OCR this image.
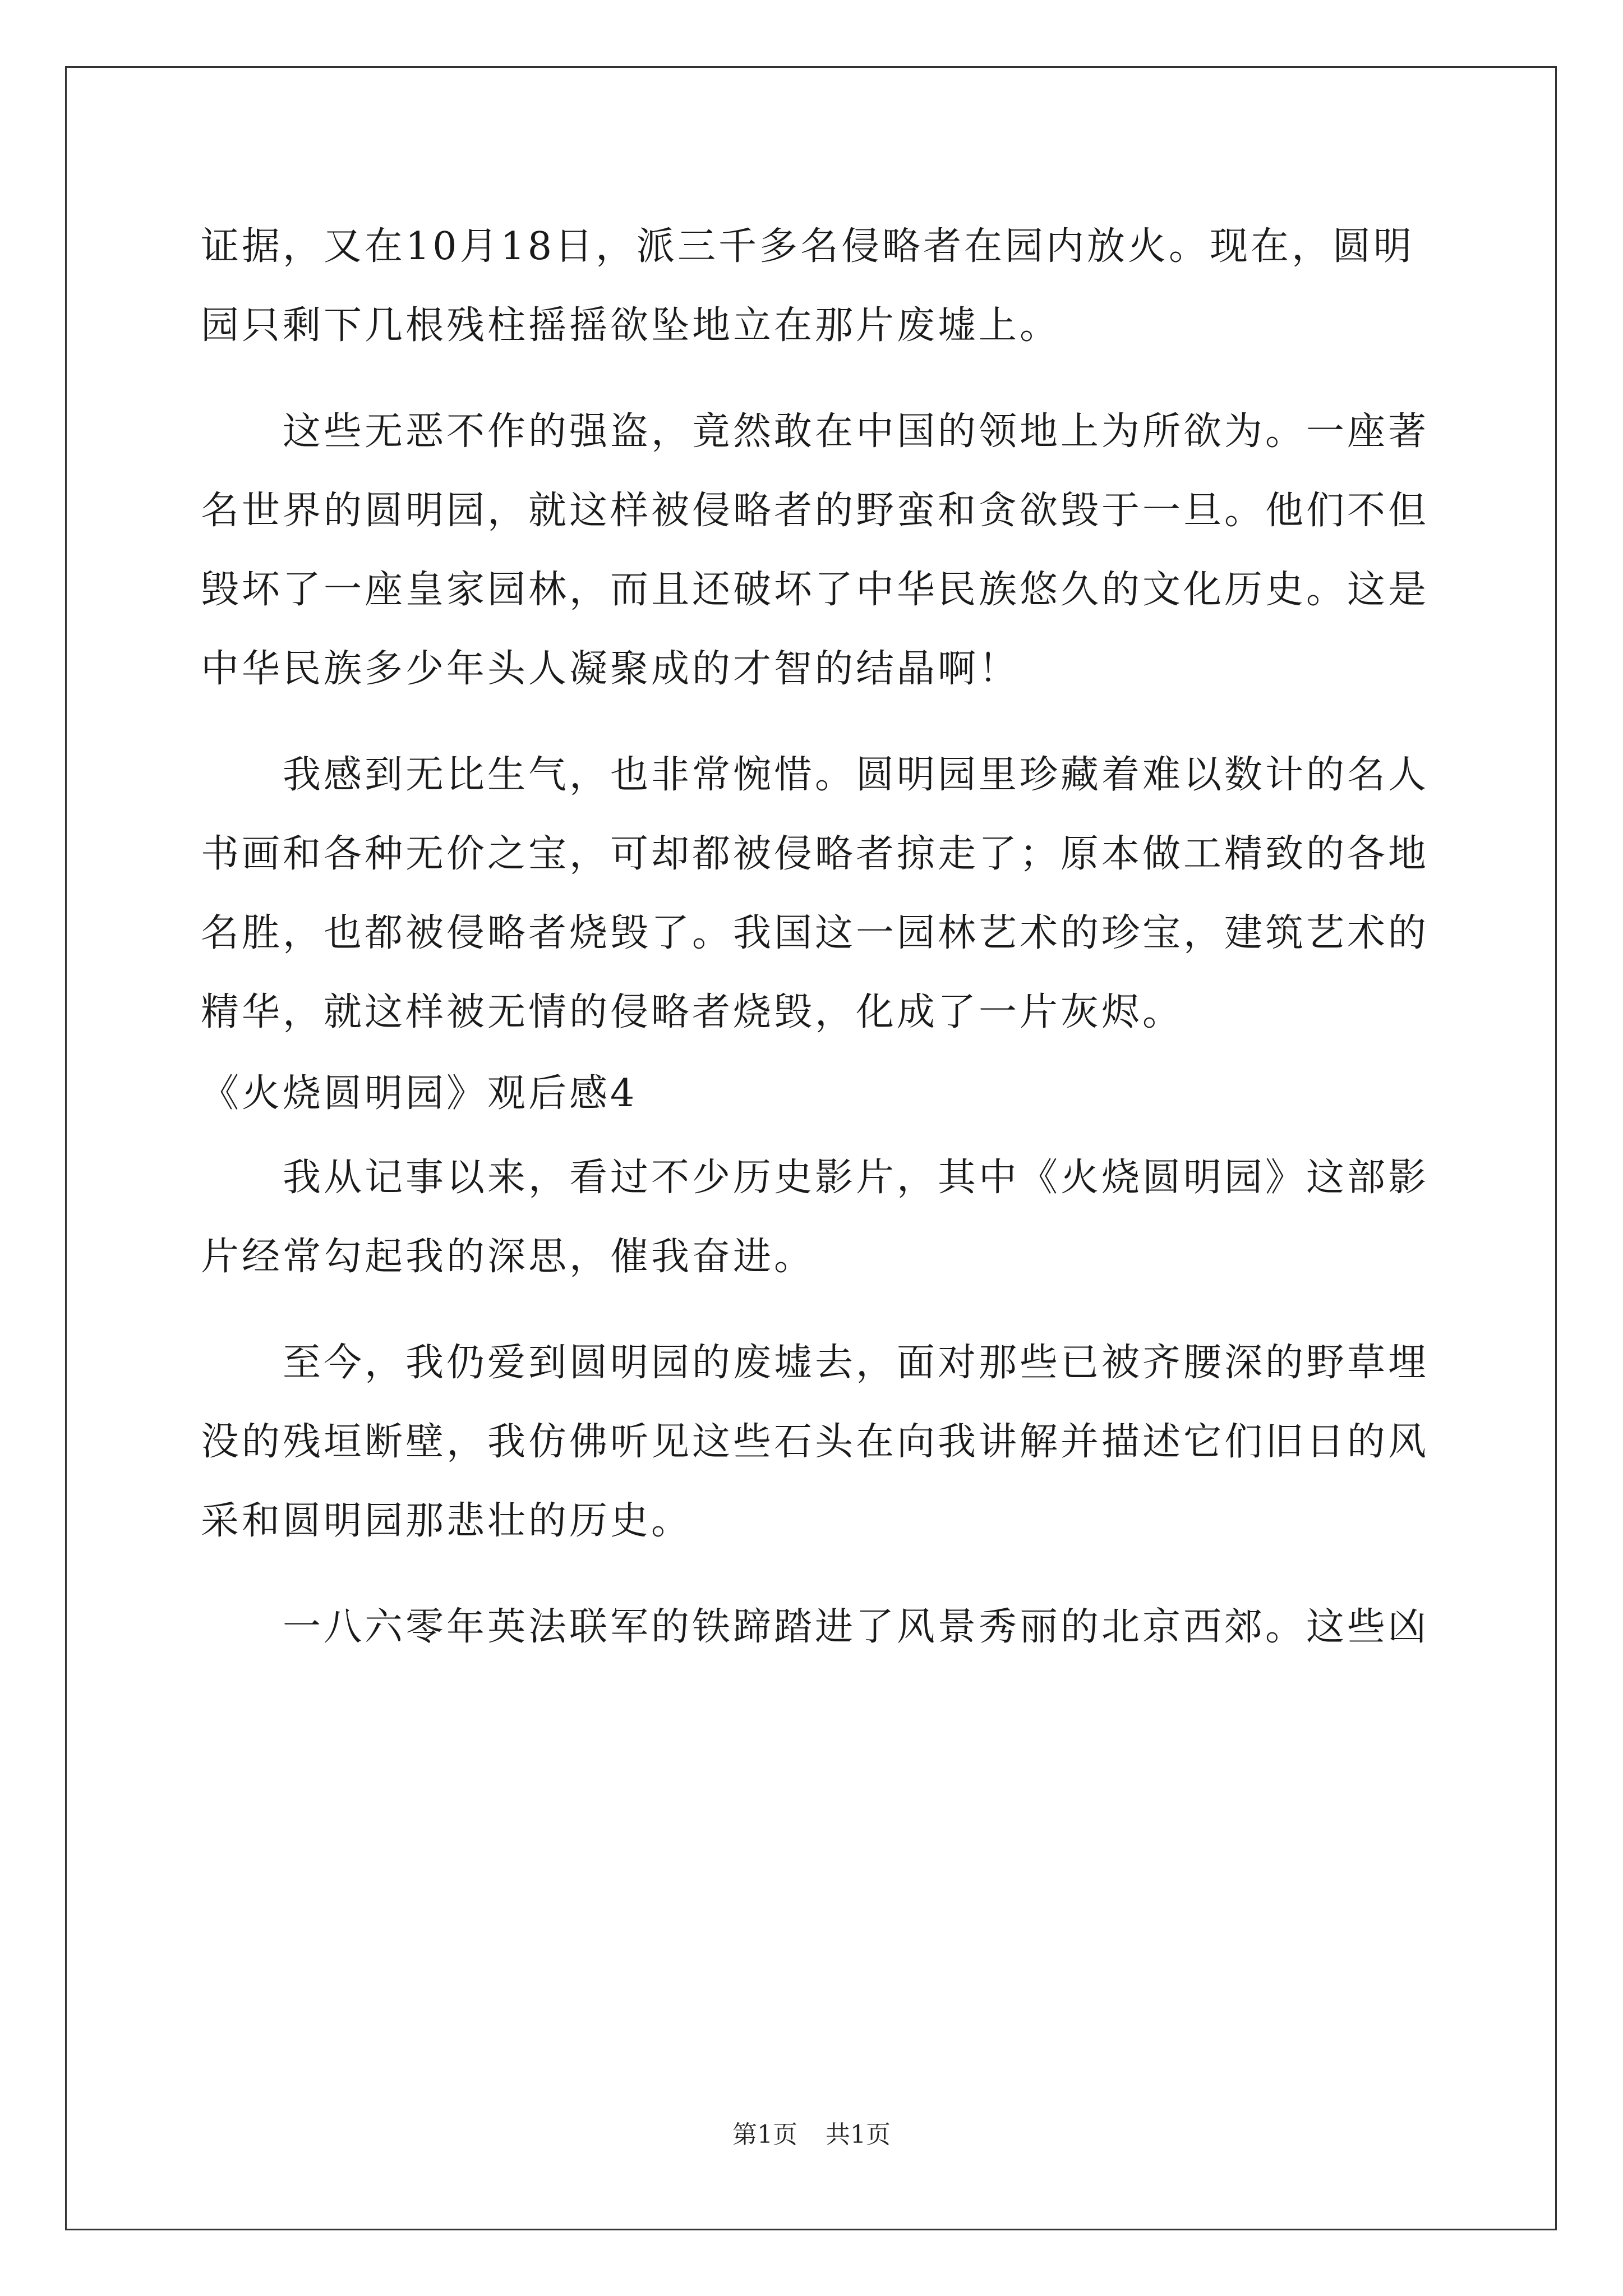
证据，又在10月18日，派三千多名侵略者在园内放火。现在，圆明
园只剩下几根残柱摇摇欲坠地立在那片废墟上。
这些无恶不作的强盗，竟然敢在中国的领地上为所欲为。一座著
名世界的圆明园，就这样被侵略者的野蛮和贪欲毁于一旦。他们不但
毁坏了一座皇家园林，而且还破坏了中华民族悠久的文化历史。这是
中华民族多少年头人凝聚成的才智的结晶啊！
我感到无比生气，也非常惋惜。圆明园里珍藏着难以数计的名人
书画和各种无价之宝，可却都被侵略者掠走了；原本做工精致的各地
名胜，也都被侵略者烧毁了。我国这一园林艺术的珍宝，建筑艺术的
精华，就这样被无情的侵略者烧毁，化成了一片灰烬。
《火烧圆明园》观后感4
我从记事以来，看过不少历史影片，其中《火烧圆明园》这部影
片经常勾起我的深思，催我奋进。
至今，我仍爱到圆明园的废墟去，面对那些已被齐腰深的野草埋
没的残垣断壁，我仿佛听见这些石头在向我讲解并描述它们旧日的风
采和圆明园那悲壮的历史。
一八六零年英法联军的铁蹄踏进了风景秀丽的北京西郊。这些凶
第1页 共1页
